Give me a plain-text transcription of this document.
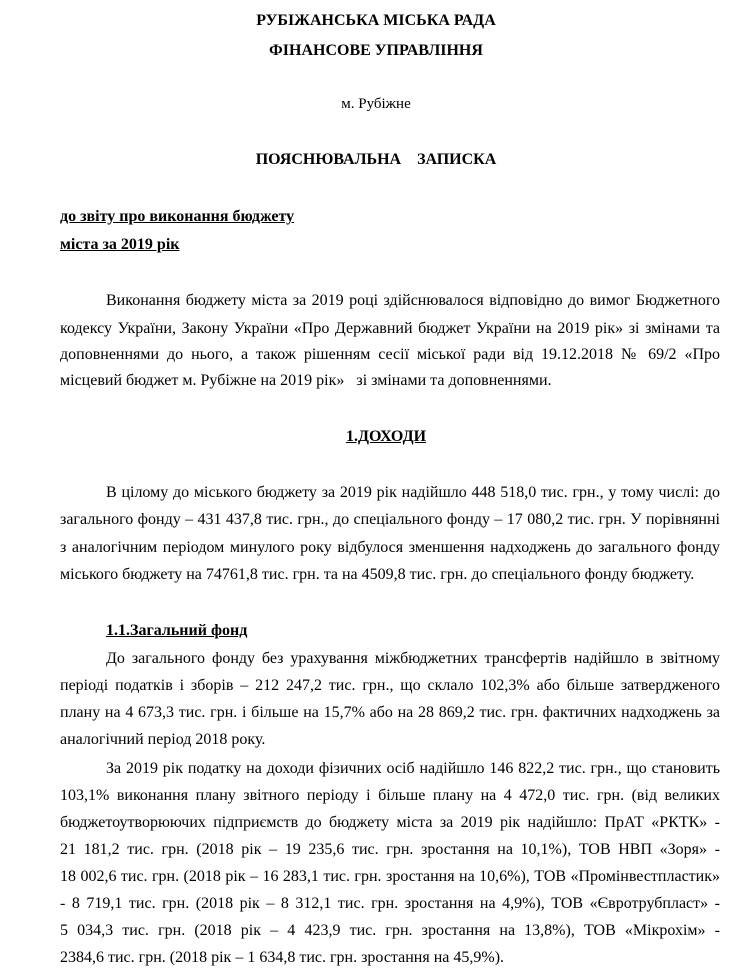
РУБІЖАНСЬКА МІСЬКА РАДА
ФІНАНСОВЕ УПРАВЛІННЯ
м. Рубіжне
ПОЯСНЮВАЛЬНА    ЗАПИСКА
до звіту про виконання бюджету
міста за 2019 рік
Виконання бюджету міста за 2019 році здійснювалося відповідно до вимог Бюджетного
кодексу України, Закону України «Про Державний бюджет України на 2019 рік» зі змінами та
доповненнями до нього, а також рішенням сесії міської ради від 19.12.2018 № 69/2 «Про
місцевий бюджет м. Рубіжне на 2019 рік»   зі змінами та доповненнями.
1.ДОХОДИ
В цілому до міського бюджету за 2019 рік надійшло 448 518,0 тис. грн., у тому числі: до
загального фонду – 431 437,8 тис. грн., до спеціального фонду – 17 080,2 тис. грн. У порівнянні
з аналогічним періодом минулого року відбулося зменшення надходжень до загального фонду
міського бюджету на 74761,8 тис. грн. та на 4509,8 тис. грн. до спеціального фонду бюджету.
1.1.Загальний фонд
До загального фонду без урахування міжбюджетних трансфертів надійшло в звітному
періоді податків і зборів – 212 247,2 тис. грн., що склало 102,3% або більше затвердженого
плану на 4 673,3 тис. грн. і більше на 15,7% або на 28 869,2 тис. грн. фактичних надходжень за
аналогічний період 2018 року.
За 2019 рік податку на доходи фізичних осіб надійшло 146 822,2 тис. грн., що становить
103,1% виконання плану звітного періоду і більше плану на 4 472,0 тис. грн. (від великих
бюджетоутворюючих підприємств до бюджету міста за 2019 рік надійшло: ПрАТ «РКТК» -
21 181,2 тис. грн. (2018 рік – 19 235,6 тис. грн. зростання на 10,1%), ТОВ НВП «Зоря» -
18 002,6 тис. грн. (2018 рік – 16 283,1 тис. грн. зростання на 10,6%), ТОВ «Промінвестпластик»
- 8 719,1 тис. грн. (2018 рік – 8 312,1 тис. грн. зростання на 4,9%), ТОВ «Євротрубпласт» -
5 034,3 тис. грн. (2018 рік – 4 423,9 тис. грн. зростання на 13,8%), ТОВ «Мікрохім» -
2384,6 тис. грн. (2018 рік – 1 634,8 тис. грн. зростання на 45,9%).
